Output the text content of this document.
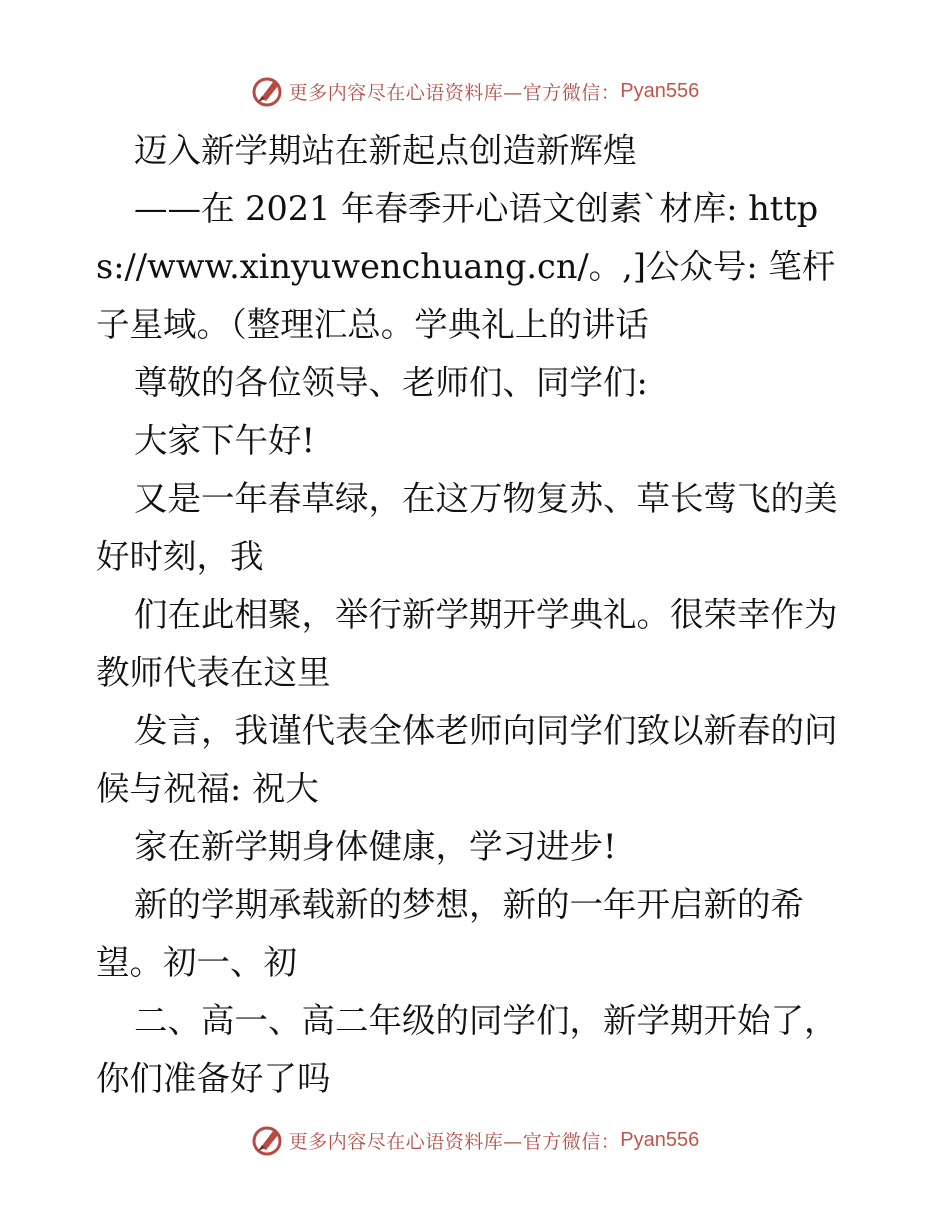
更多内容尽在心语资料库—官方微信： Pyan556

迈入新学期站在新起点创造新辉煌

——在 2021 年春季开心语文创素`材库: https://www.xinyuwenchuang.cn/。,]公众号: 笔杆子星域。（整理汇总。学典礼上的讲话

尊敬的各位领导、老师们、同学们:

大家下午好!

又是一年春草绿，在这万物复苏、草长莺飞的美好时刻，我

们在此相聚，举行新学期开学典礼。很荣幸作为教师代表在这里

发言，我谨代表全体老师向同学们致以新春的问候与祝福: 祝大

家在新学期身体健康，学习进步!

新的学期承载新的梦想，新的一年开启新的希望。初一、初

二、高一、高二年级的同学们，新学期开始了，你们准备好了吗

更多内容尽在心语资料库—官方微信： Pyan556
